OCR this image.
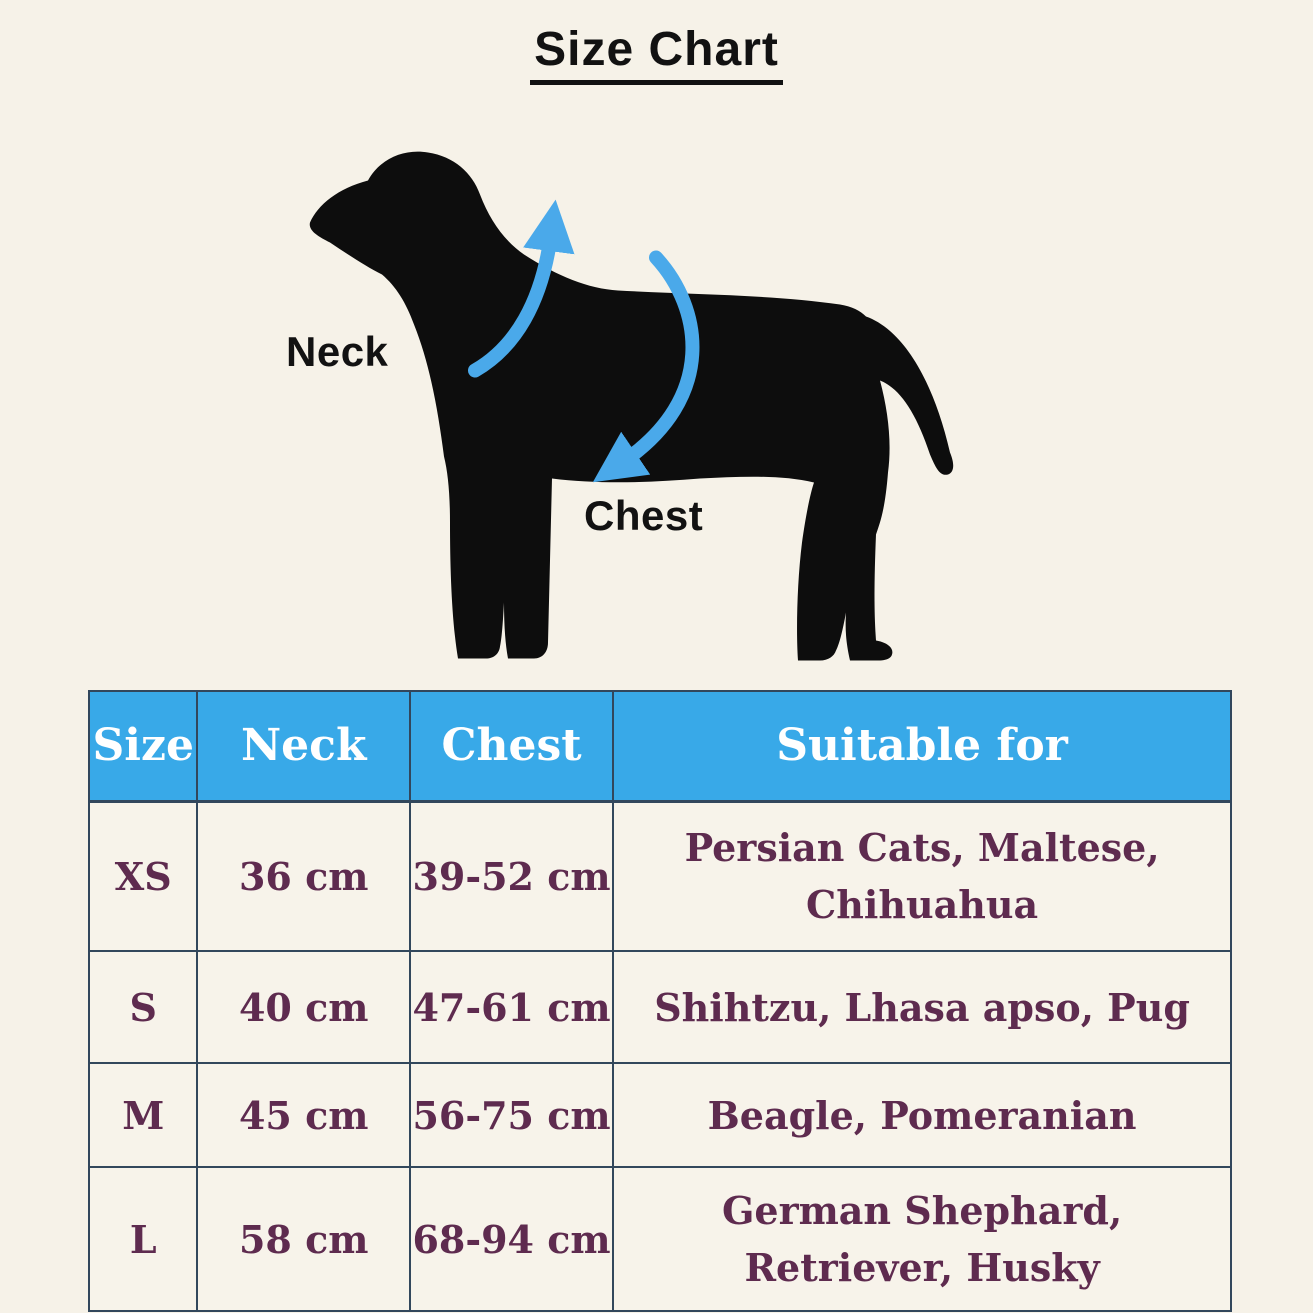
Size Chart
Neck
Chest
Size	Neck	Chest	Suitable for
XS	36 cm	39-52 cm	Persian Cats, Maltese, Chihuahua
S	40 cm	47-61 cm	Shihtzu, Lhasa apso, Pug
M	45 cm	56-75 cm	Beagle, Pomeranian
L	58 cm	68-94 cm	German Shephard, Retriever, Husky
